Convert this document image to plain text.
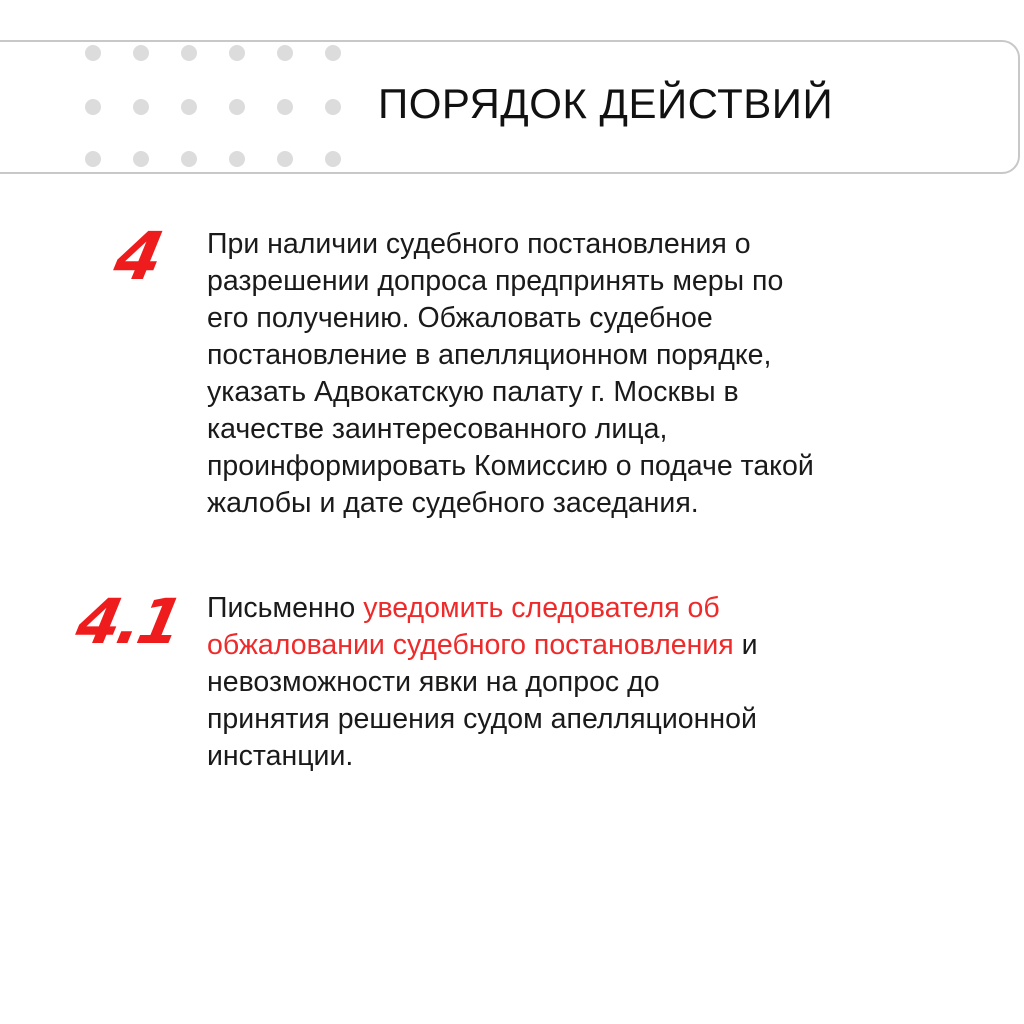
ПОРЯДОК ДЕЙСТВИЙ
4 При наличии судебного постановления о
разрешении допроса предпринять меры по
его получению. Обжаловать судебное
постановление в апелляционном порядке,
указать Адвокатскую палату г. Москвы в
качестве заинтересованного лица,
проинформировать Комиссию о подаче такой
жалобы и дате судебного заседания.
4.1 Письменно уведомить следователя об
обжаловании судебного постановления и
невозможности явки на допрос до
принятия решения судом апелляционной
инстанции.
